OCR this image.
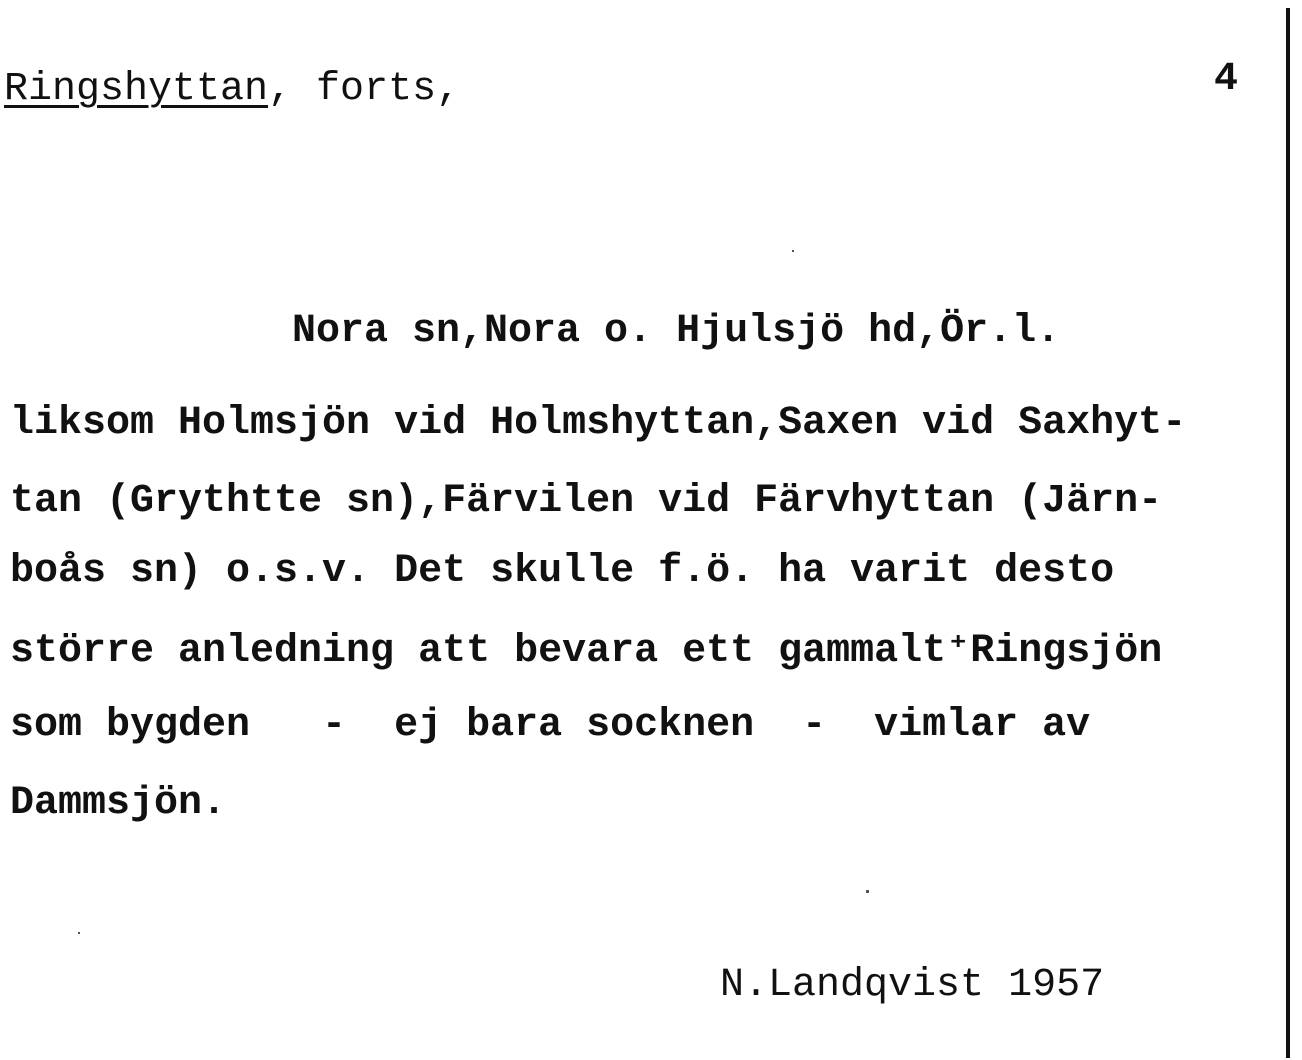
Ringshyttan, forts,	4
Nora sn,Nora o. Hjulsjö hd,Ör.l.
liksom Holmsjön vid Holmshyttan,Saxen vid Saxhyt-
tan (Grythtte sn),Färvilen vid Färvhyttan (Järn-
boås sn) o.s.v. Det skulle f.ö. ha varit desto
större anledning att bevara ett gammalt⁺Ringsjön
som bygden   -  ej bara socknen  -  vimlar av
Dammsjön.
N.Landqvist 1957
